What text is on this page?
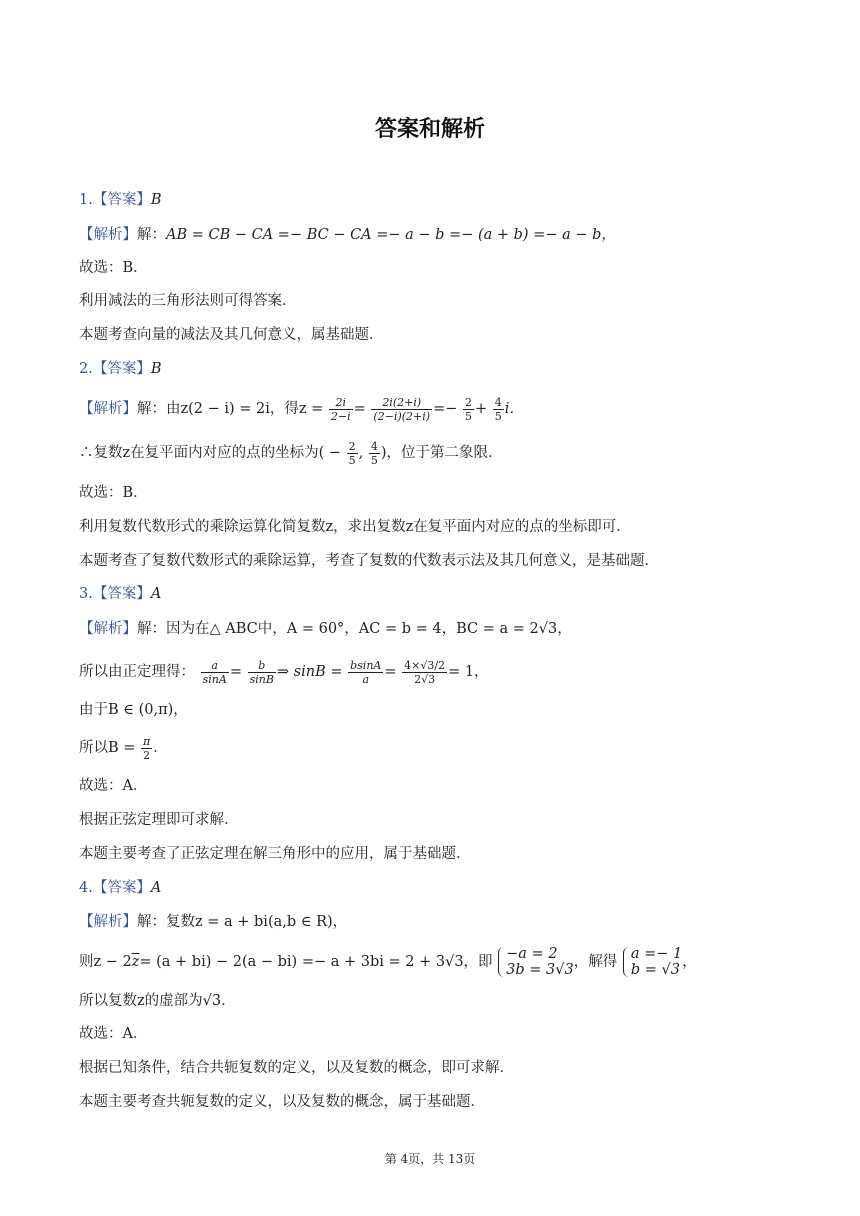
答案和解析
1.【答案】B
【解析】解：AB = CB − CA =− BC − CA =− a − b =− (a + b) =− a − b，
故选：B．
利用减法的三角形法则可得答案．
本题考查向量的减法及其几何意义，属基础题．
2.【答案】B
【解析】解：由z(2 − i) = 2i，得$z = \frac{2i}{2-i} = \frac{2i(2+i)}{(2-i)(2+i)} =- \frac{2}{5} + \frac{4}{5}$ i．
∴复数z在复平面内对应的点的坐标为( − $\frac{2}{5}$ , $\frac{4}{5}$ )，位于第二象限．
故选：B．
利用复数代数形式的乘除运算化简复数z，求出复数z在复平面内对应的点的坐标即可．
本题考查了复数代数形式的乘除运算，考查了复数的代数表示法及其几何意义，是基础题．
3.【答案】A
【解析】解：因为在△ ABC中，A = 60°，AC = b = 4，BC = a = 2√3，
所以由正定理得： $\frac{a}{\sin A} = \frac{b}{\sin B}$ ⇒ $\sin B = \frac{bsinA}{a} = \frac{4\times√3/2}{2√3} = 1$，
由于B ∈ (0,π)，
所以$B = \frac{\pi}{2}$ ．
故选：A．
根据正弦定理即可求解．
本题主要考查了正弦定理在解三角形中的应用，属于基础题．
4.【答案】A
【解析】解：复数z = a + bi(a,b ∈ R)，
则$z - 2\overline{z}= (a + bi) - 2(a - bi) =- a + 3bi = 2 + 3√3$，即 −a = 2
3b = 3√3 ，解得 a =− 1
b = √3 ，
所以复数z的虚部为√3．
故选：A．
根据已知条件，结合共轭复数的定义，以及复数的概念，即可求解．
本题主要考查共轭复数的定义，以及复数的概念，属于基础题．
第 4页，共 13页
